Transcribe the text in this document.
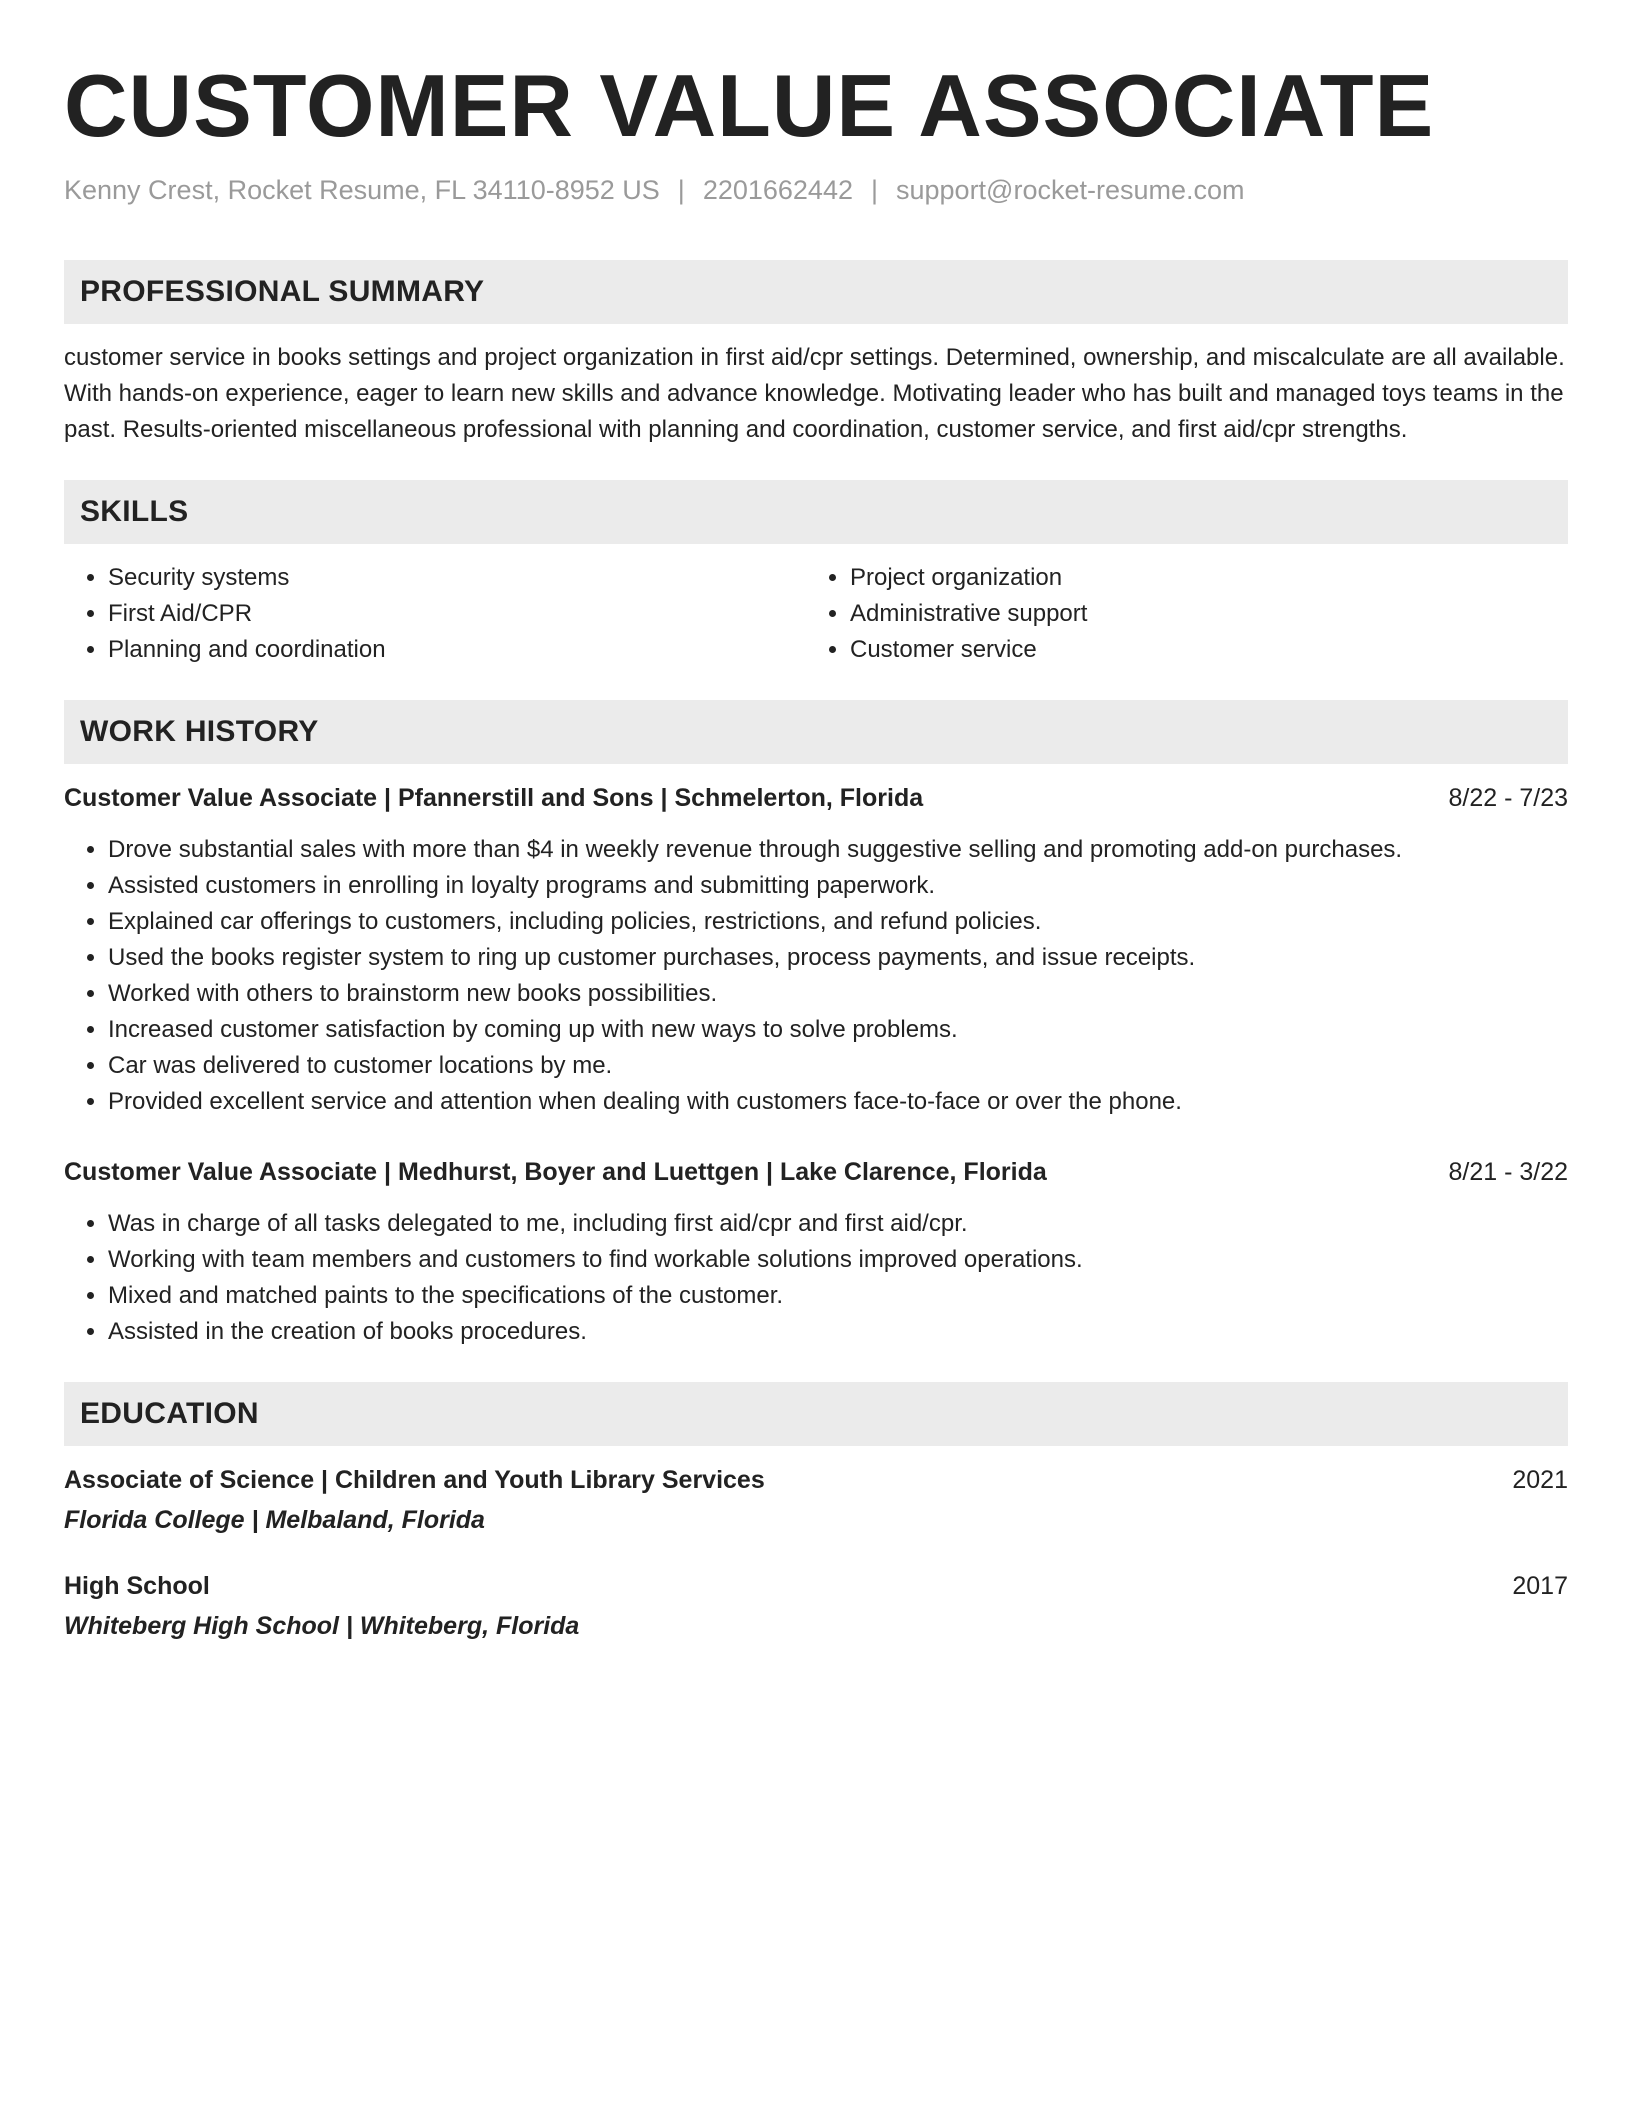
CUSTOMER VALUE ASSOCIATE
Kenny Crest, Rocket Resume, FL 34110-8952 US | 2201662442 | support@rocket-resume.com
PROFESSIONAL SUMMARY
customer service in books settings and project organization in first aid/cpr settings. Determined, ownership, and miscalculate are all available. With hands-on experience, eager to learn new skills and advance knowledge. Motivating leader who has built and managed toys teams in the past. Results-oriented miscellaneous professional with planning and coordination, customer service, and first aid/cpr strengths.
SKILLS
• Security systems
• First Aid/CPR
• Planning and coordination
• Project organization
• Administrative support
• Customer service
WORK HISTORY
Customer Value Associate | Pfannerstill and Sons | Schmelerton, Florida	8/22 - 7/23
• Drove substantial sales with more than $4 in weekly revenue through suggestive selling and promoting add-on purchases.
• Assisted customers in enrolling in loyalty programs and submitting paperwork.
• Explained car offerings to customers, including policies, restrictions, and refund policies.
• Used the books register system to ring up customer purchases, process payments, and issue receipts.
• Worked with others to brainstorm new books possibilities.
• Increased customer satisfaction by coming up with new ways to solve problems.
• Car was delivered to customer locations by me.
• Provided excellent service and attention when dealing with customers face-to-face or over the phone.
Customer Value Associate | Medhurst, Boyer and Luettgen | Lake Clarence, Florida	8/21 - 3/22
• Was in charge of all tasks delegated to me, including first aid/cpr and first aid/cpr.
• Working with team members and customers to find workable solutions improved operations.
• Mixed and matched paints to the specifications of the customer.
• Assisted in the creation of books procedures.
EDUCATION
Associate of Science | Children and Youth Library Services	2021
Florida College | Melbaland, Florida
High School	2017
Whiteberg High School | Whiteberg, Florida
